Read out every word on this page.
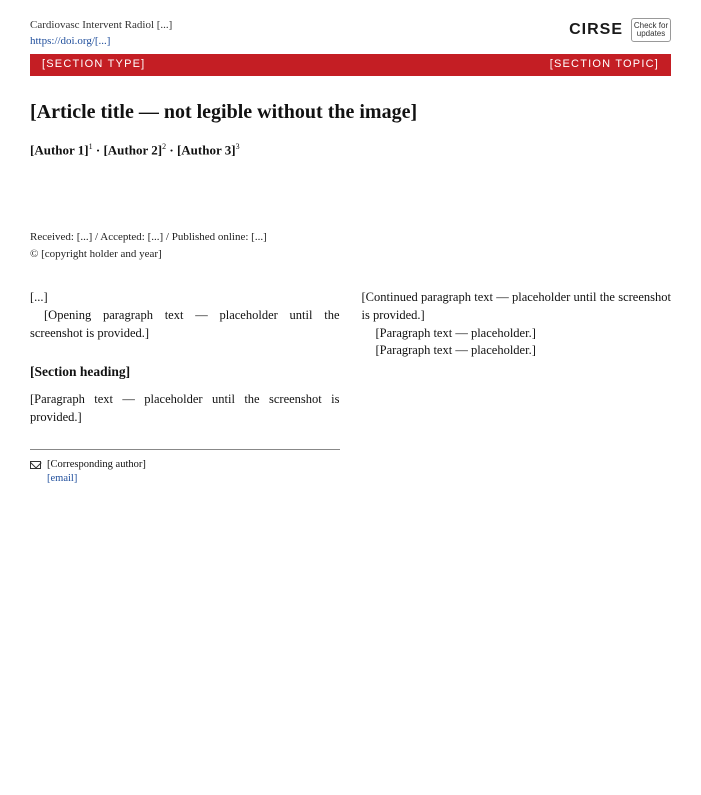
Cardiovasc Intervent Radiol [...]
https://doi.org/[...]
CIRSE	Check for updates
[SECTION TYPE]	[SECTION TOPIC]
[Article title — not legible without the image]
[Author 1]$^1$ · [Author 2]$^2$ · [Author 3]$^3$
Received: [...] / Accepted: [...] / Published online: [...]
© [copyright holder and year]

[...]

[Opening paragraph text — placeholder until the screenshot is provided.]

[Section heading]

[Paragraph text — placeholder until the screenshot is provided.]

[Corresponding author]
[email]

[Continued paragraph text — placeholder until the screenshot is provided.]

[Paragraph text — placeholder.]

[Paragraph text — placeholder.]
